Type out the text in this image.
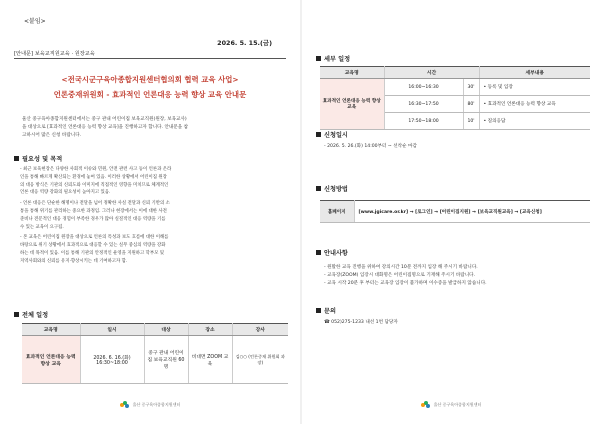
<붙임>
2026. 5. 15.(금)
[안내문] 보육교직원교육 · 원장교육
<전국시군구육아종합지원센터협의회 협력 교육 사업>
언론중재위원회 - 효과적인 언론대응 능력 향상 교육 안내문
울산 중구육아종합지원센터에서는 중구 관내 어린이집 보육교직원(원장, 보육교사)
을 대상으로 [효과적인 언론대응 능력 향상 교육]을 진행하고자 합니다. 안내문을 참
고하시어 많은 신청 바랍니다.
필요성 및 목적
- 최근 보육현장은 다양한 사회적 이슈와 민원, 안전 관련 사고 등이 언론과 온라
인을 통해 빠르게 확산되는 환경에 놓여 있음. 이러한 상황에서 어린이집 원장
의 대응 방식은 기관의 신뢰도와 이미지에 직접적인 영향을 미치므로 체계적인
언론 대응 역량 강화의 필요성이 높아지고 있음.
- 언론 대응은 단순한 해명이나 전달을 넘어 정확한 사실 전달과 신뢰 기반의 소
통을 통해 위기를 관리하는 중요한 과정임. 그러나 현장에서는 이에 대한 사전
준비나 전문적인 대응 경험이 부족한 경우가 많아 실질적인 대응 역량을 기를
수 있는 교육이 요구됨.
- 본 교육은 어린이집 원장을 대상으로 언론의 특성과 보도 흐름에 대한 이해를
바탕으로 위기 상황에서 효과적으로 대응할 수 있는 실무 중심의 역량을 강화
하는 데 목적이 있음. 이를 통해 기관의 안정적인 운영을 지원하고 학부모 및
지역사회와의 신뢰를 유지·향상시키는 데 기여하고자 함.
전체 일정
교육명	일시	대상	장소	강사
효과적인 언론대응 능력 향상 교육	2026. 6. 16.(화) 16:30~18:00	중구 관내 어린이집 보육교직원 60명	비대면 ZOOM 교육	김○○ (언론중재 위원회 과장)
울산 중구육아종합지원센터
세부 일정
교육명	시간		세부내용
효과적인 언론대응 능력 향상 교육	16:00~16:30	30'	• 등록 및 입장
	16:30~17:50	80'	• 효과적인 언론대응 능력 향상 교육
	17:50~18:00	10'	• 질의응답
신청일시
- 2026. 5. 26.(화) 14:00부터 ~ 선착순 마감
신청방법
홈페이지	[www.jgicare.or.kr] → [로그인] → [어린이집지원] → [보육교직원교육] → [교육신청]
안내사항
- 원활한 교육 진행을 위하여 강의시간 10분 전까지 입장 해 주시기 바랍니다.
- 교육장(ZOOM) 입장시 대화명은 어린이집명으로 기재해 주시기 바랍니다.
- 교육 시작 20분 후 부터는 교육장 입장이 불가하며 이수증을 발급하지 않습니다.
문의
☎ 052)275-1233 내선 1번 담당자
울산 중구육아종합지원센터
